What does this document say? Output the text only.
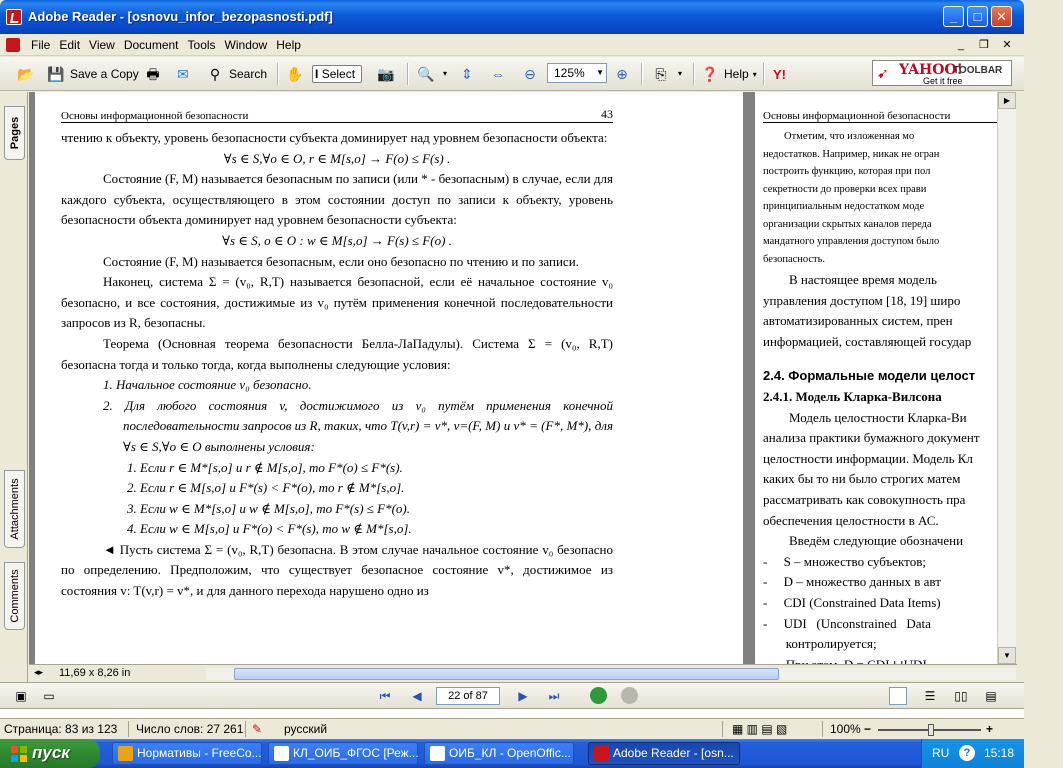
Adobe Reader - [osnovu_infor_bezopasnosti.pdf]	_	□	✕
File Edit View Document Tools Window Help	_	❐	✕
📂 💾 Save a Copy 🖶 ✉	⚲ Search ✋ I Select	📷 🔍	▾ ⇕ ⇔ ⊖	⊕	⎘	▾ ❓ Help ▾ Y!
125% ▼	➹ YAHOO!
TOOLBAR
Get it free
Pages
Attachments
Comments
Основы информационной безопасности	43

чтению к объекту, уровень безопасности субъекта доминирует над уровнем безопасности объекта:

∀s ∈ S,∀o ∈ O, r ∈ M[s,o] → F(o) ≤ F(s) .

Состояние (F, M) называется безопасным по записи (или * - безопасным) в случае, если для каждого субъекта, осуществляющего в этом состоянии доступ по записи к объекту, уровень безопасности объекта доминирует над уровнем безопасности субъекта:

∀s ∈ S, o ∈ O : w ∈ M[s,o] → F(s) ≤ F(o) .

Состояние (F, M) называется безопасным, если оно безопасно по чтению и по записи.

Наконец, система Σ = (v₀, R,T) называется безопасной, если её начальное состояние v₀ безопасно, и все состояния, достижимые из v₀ путём применения конечной последовательности запросов из R, безопасны.

Теорема (Основная теорема безопасности Белла-ЛаПадулы). Система Σ = (v₀, R,T) безопасна тогда и только тогда, когда выполнены следующие условия:

1. Начальное состояние v₀ безопасно.

2. Для любого состояния v, достижимого из v₀ путём применения конечной последовательности запросов из R, таких, что T(v,r) = v*, v=(F, M) и v* = (F*, M*), для ∀s ∈ S,∀o ∈ O выполнены условия:

1. Если r ∈ M*[s,o] и r ∉ M[s,o], то F*(o) ≤ F*(s).

2. Если r ∈ M[s,o] и F*(s) < F*(o), то r ∉ M*[s,o].

3. Если w ∈ M*[s,o] и w ∉ M[s,o], то F*(s) ≤ F*(o).

4. Если w ∈ M[s,o] и F*(o) < F*(s), то w ∉ M*[s,o].

◄ Пусть система Σ = (v₀, R,T) безопасна. В этом случае начальное состояние v₀ безопасно по определению. Предположим, что существует безопасное состояние v*, достижимое из состояния v: T(v,r) = v*, и для данного перехода нарушено одно из

Основы информационной безопасности
Отметим, что изложенная мо
недостатков. Например, никак не огран
построить функцию, которая при пол
секретности до проверки всех прави
принципиальным недостатком моде
организации скрытых каналов переда
мандатного управления доступом было
безопасность.
В настоящее время модель
управления доступом [18, 19] широ
автоматизированных систем, прен
информацией, составляющей государ
2.4. Формальные модели целост
2.4.1. Модель Кларка-Вилсона
Модель целостности Кларка-Ви
анализа практики бумажного документ
целостности информации. Модель Кл
каких бы то ни было строгих матем
рассматривать как совокупность пра
обеспечения целостности в АС.
Введём следующие обозначени
-     S – множество субъектов;
-     D – множество данных в авт
-     CDI (Constrained Data Items)
-     UDI   (Unconstrained   Data
контролируется;
▶
▼
◂▸ 11,69 x 8,26 in
▣ ▭	⏮	◀	22 of 87	▶	⏭	☰	▯▯ ▤
Страница: 83 из 123 Число слов: 27 261 ✎ русский	▦ ▥ ▤ ▧	100% −	+
пуск	Нормативы - FreeCo...	КЛ_ОИБ_ФГОС [Реж...	ОИБ_КЛ - OpenOffic...	Adobe Reader - [osn...	RU	?	15:18
